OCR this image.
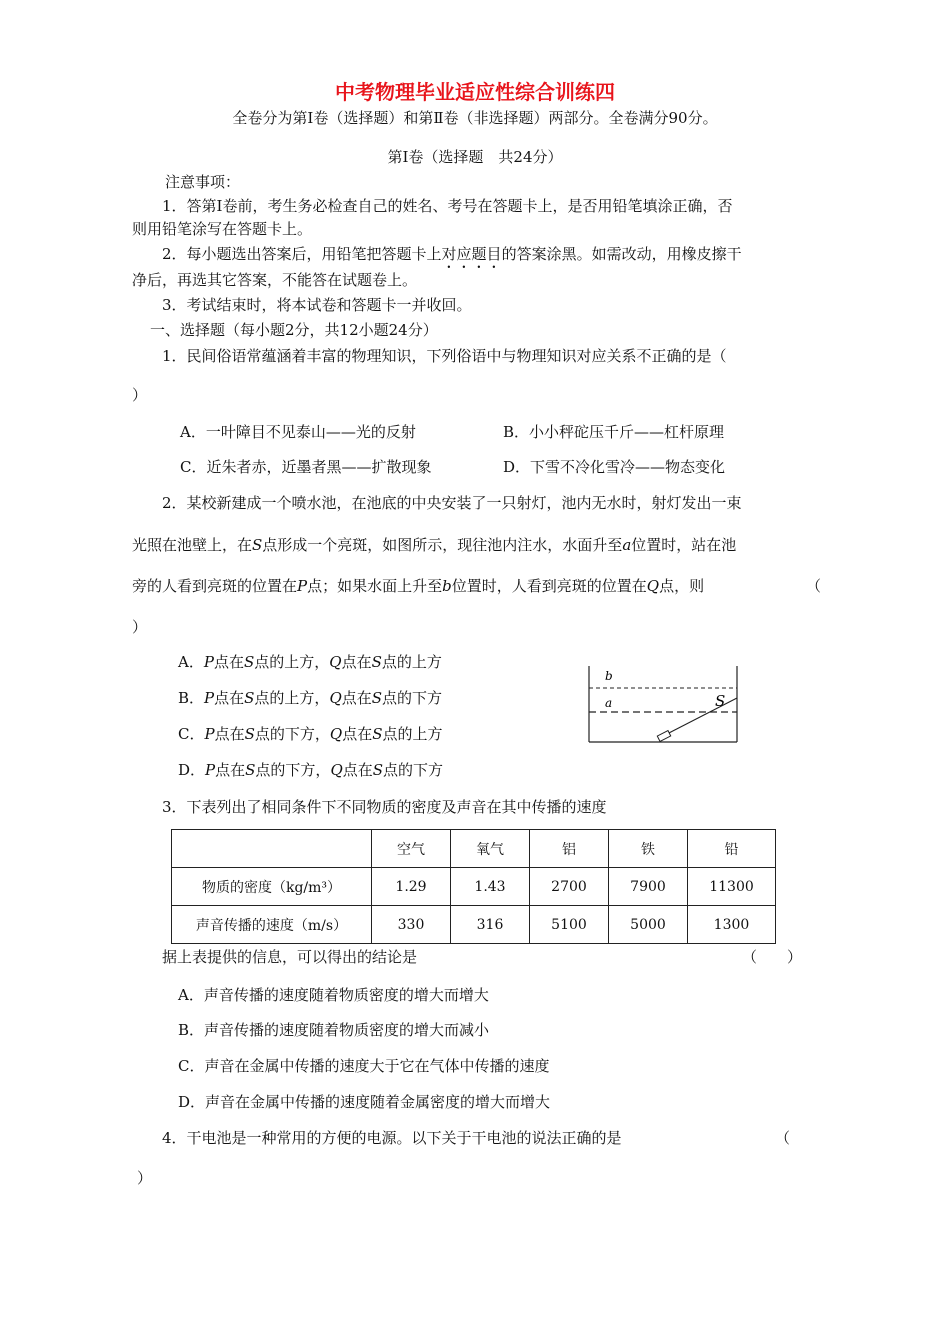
中考物理毕业适应性综合训练四
全卷分为第Ⅰ卷（选择题）和第Ⅱ卷（非选择题）两部分。全卷满分90分。
第Ⅰ卷（选择题　共24分）
注意事项：
1．答第Ⅰ卷前，考生务必检查自己的姓名、考号在答题卡上，是否用铅笔填涂正确，否
则用铅笔涂写在答题卡上。
2．每小题选出答案后，用铅笔把答题卡上对应题目的答案涂黑。如需改动，用橡皮擦干
净后，再选其它答案，不能答在试题卷上。
3．考试结束时，将本试卷和答题卡一并收回。
一、选择题（每小题2分，共12小题24分）
1．民间俗语常蕴涵着丰富的物理知识，下列俗语中与物理知识对应关系不正确的是（
）
A．一叶障目不见泰山——光的反射	B．小小秤砣压千斤——杠杆原理
C．近朱者赤，近墨者黑——扩散现象	D．下雪不冷化雪冷——物态变化
2．某校新建成一个喷水池，在池底的中央安装了一只射灯，池内无水时，射灯发出一束
光照在池壁上，在S点形成一个亮斑，如图所示，现往池内注水，水面升至a位置时，站在池
旁的人看到亮斑的位置在P点；如果水面上升至b位置时，人看到亮斑的位置在Q点，则	（
）
A．P点在S点的上方，Q点在S点的上方
B．P点在S点的上方，Q点在S点的下方
C．P点在S点的下方，Q点在S点的上方
D．P点在S点的下方，Q点在S点的下方
b
a	S
3．下表列出了相同条件下不同物质的密度及声音在其中传播的速度
	空气	氧气	铝	铁	铅
物质的密度（kg/m³）	1.29	1.43	2700	7900	11300
声音传播的速度（m/s）	330	316	5100	5000	1300
据上表提供的信息，可以得出的结论是	（　　）
A．声音传播的速度随着物质密度的增大而增大
B．声音传播的速度随着物质密度的增大而减小
C．声音在金属中传播的速度大于它在气体中传播的速度
D．声音在金属中传播的速度随着金属密度的增大而增大
4．干电池是一种常用的方便的电源。以下关于干电池的说法正确的是	（
）
